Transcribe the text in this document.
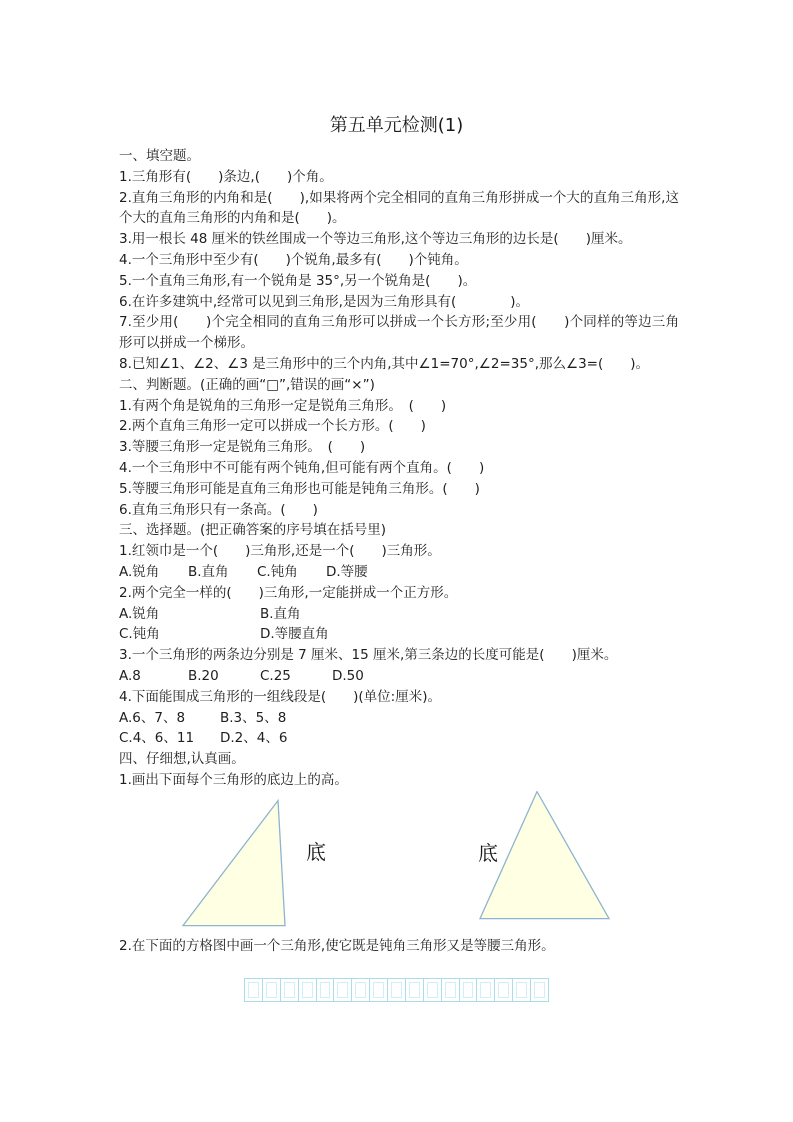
第五单元检测(1)
一、填空题。
1.三角形有(　　)条边,(　　)个角。
2.直角三角形的内角和是(　　),如果将两个完全相同的直角三角形拼成一个大的直角三角形,这个大的直角三角形的内角和是(　　)。
3.用一根长 48 厘米的铁丝围成一个等边三角形,这个等边三角形的边长是(　　)厘米。
4.一个三角形中至少有(　　)个锐角,最多有(　　)个钝角。
5.一个直角三角形,有一个锐角是 35°,另一个锐角是(　　)。
6.在许多建筑中,经常可以见到三角形,是因为三角形具有(　　　　)。
7.至少用(　　)个完全相同的直角三角形可以拼成一个长方形;至少用(　　)个同样的等边三角形可以拼成一个梯形。
8.已知∠1、∠2、∠3 是三角形中的三个内角,其中∠1=70°,∠2=35°,那么∠3=(　　)。
二、判断题。(正确的画“□”,错误的画“×”)
1.有两个角是锐角的三角形一定是锐角三角形。　(　　)
2.两个直角三角形一定可以拼成一个长方形。(　　)
3.等腰三角形一定是锐角三角形。　(　　)
4.一个三角形中不可能有两个钝角,但可能有两个直角。(　　)
5.等腰三角形可能是直角三角形也可能是钝角三角形。(　　)
6.直角三角形只有一条高。(　　)
三、选择题。(把正确答案的序号填在括号里)
1.红领巾是一个(　　)三角形,还是一个(　　)三角形。
A.锐角 B.直角 C.钝角 D.等腰
2.两个完全一样的(　　)三角形,一定能拼成一个正方形。
A.锐角	B.直角
C.钝角	D.等腰直角
3.一个三角形的两条边分别是 7 厘米、15 厘米,第三条边的长度可能是(　　)厘米。
A.8	B.20	C.25	D.50
4.下面能围成三角形的一组线段是(　　)(单位:厘米)。
A.6、7、8	B.3、5、8
C.4、6、11 D.2、4、6
四、仔细想,认真画。
1.画出下面每个三角形的底边上的高。
底	底
2.在下面的方格图中画一个三角形,使它既是钝角三角形又是等腰三角形。
